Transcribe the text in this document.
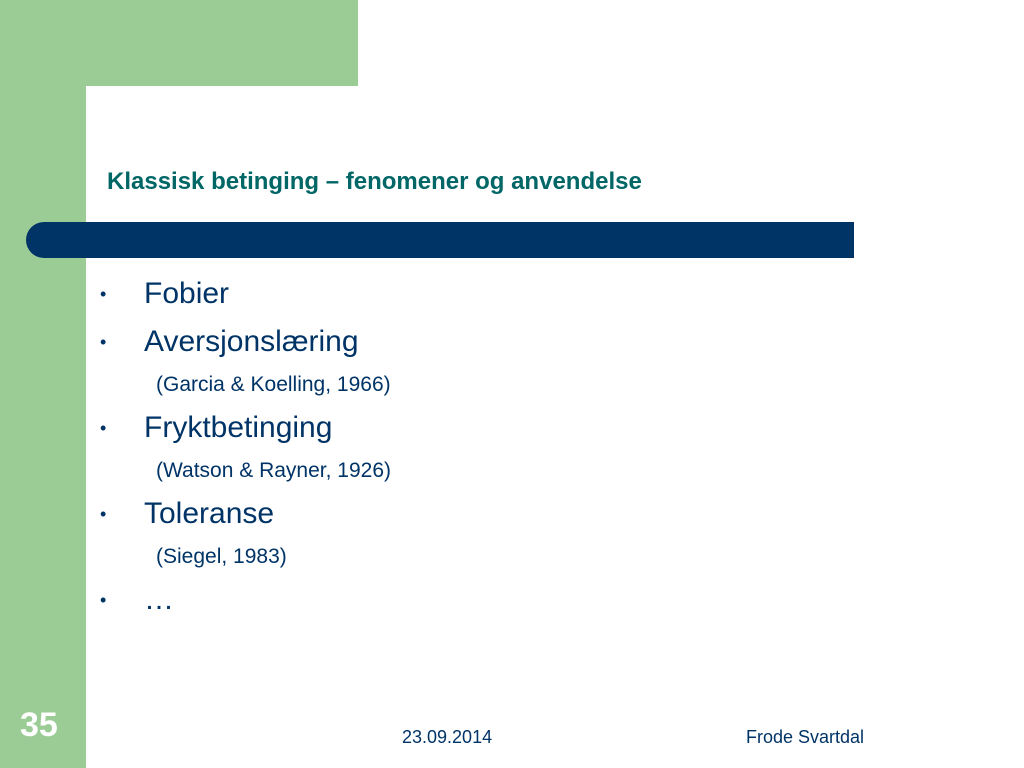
Klassisk betinging – fenomener og anvendelse
•	Fobier
•	Aversjonslæring
(Garcia & Koelling, 1966)
•	Fryktbetinging
(Watson & Rayner, 1926)
•	Toleranse
(Siegel, 1983)
•	…
35	23.09.2014	Frode Svartdal
